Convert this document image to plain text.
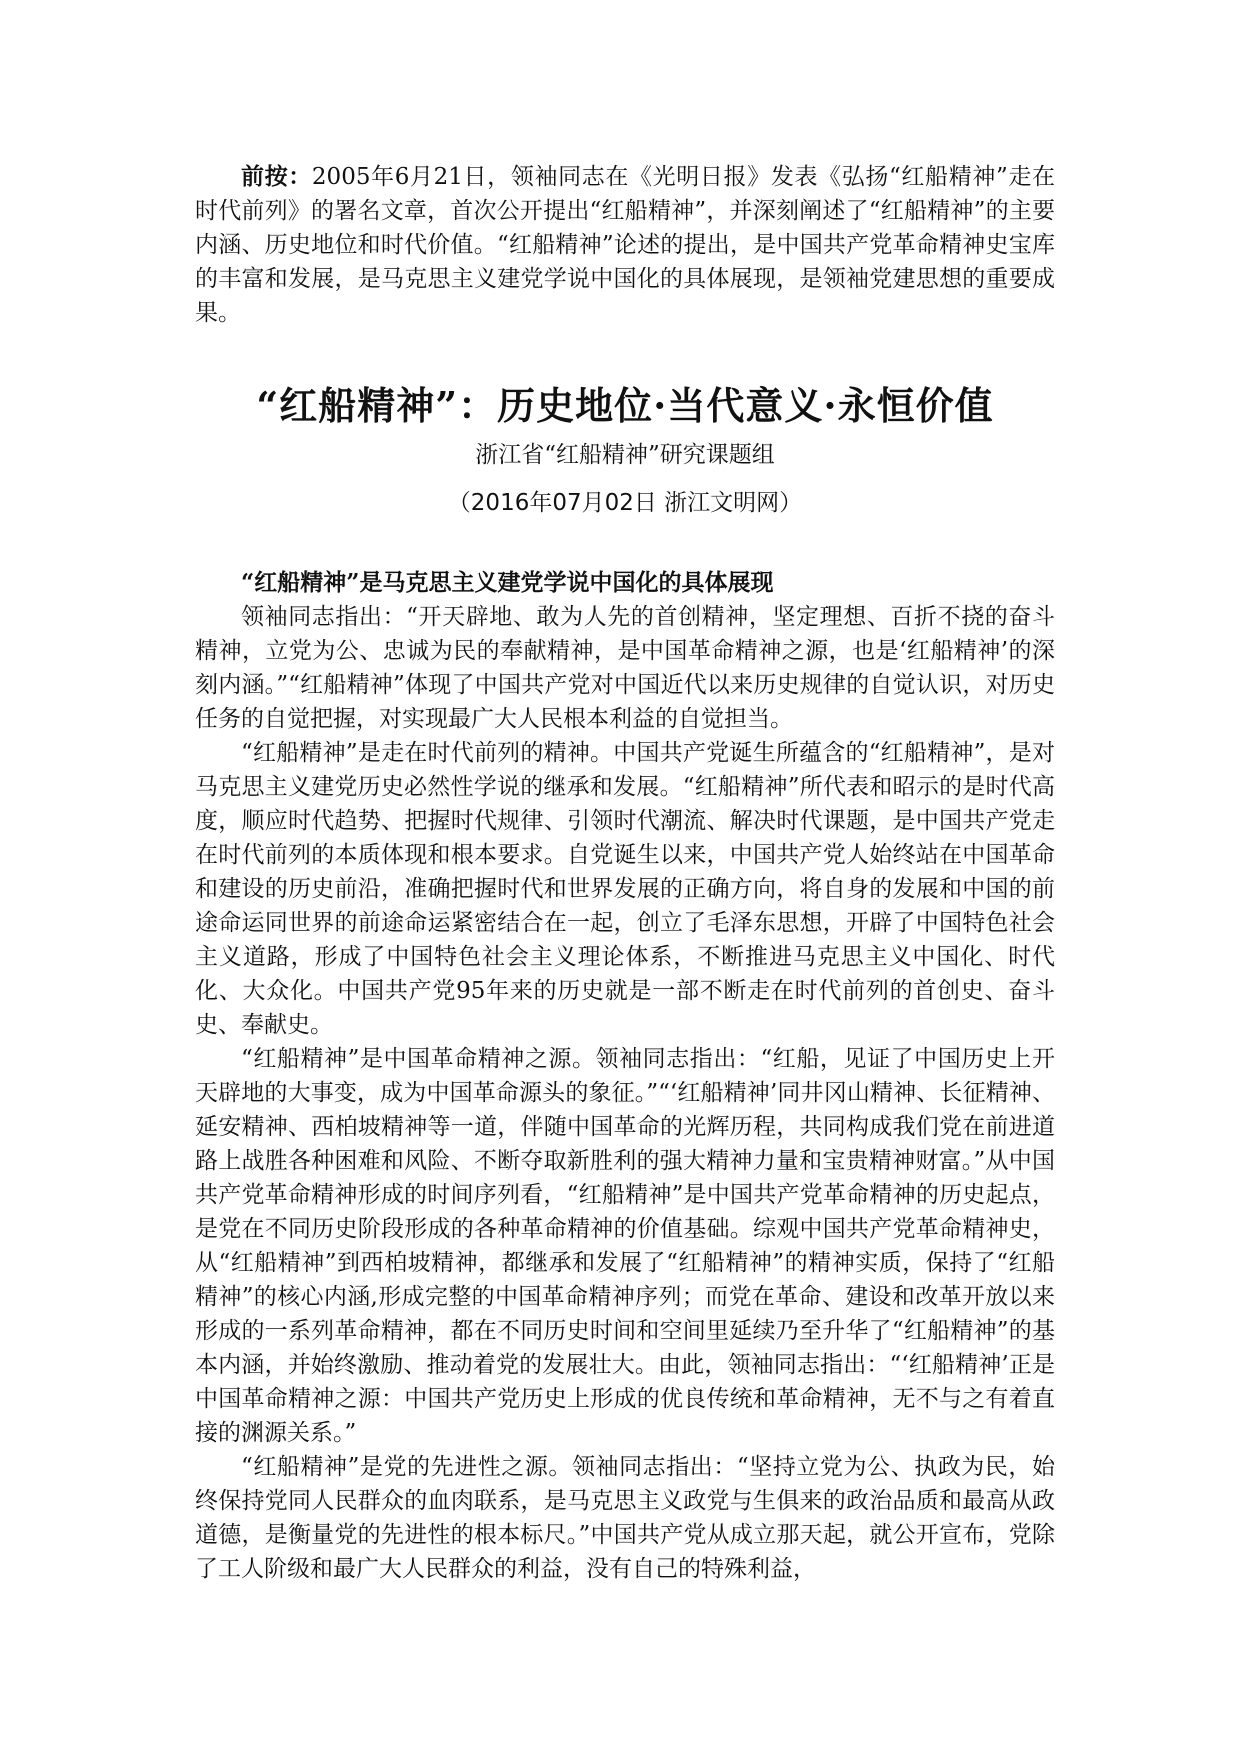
前按：2005年6月21日，领袖同志在《光明日报》发表《弘扬“红船精神”走在时代前列》的署名文章，首次公开提出“红船精神”，并深刻阐述了“红船精神”的主要内涵、历史地位和时代价值。“红船精神”论述的提出，是中国共产党革命精神史宝库的丰富和发展，是马克思主义建党学说中国化的具体展现，是领袖党建思想的重要成果。

“红船精神”：历史地位·当代意义·永恒价值
浙江省“红船精神”研究课题组
（2016年07月02日 浙江文明网）
“红船精神”是马克思主义建党学说中国化的具体展现

领袖同志指出：“开天辟地、敢为人先的首创精神，坚定理想、百折不挠的奋斗精神，立党为公、忠诚为民的奉献精神，是中国革命精神之源，也是‘红船精神’的深刻内涵。”“红船精神”体现了中国共产党对中国近代以来历史规律的自觉认识，对历史任务的自觉把握，对实现最广大人民根本利益的自觉担当。

“红船精神”是走在时代前列的精神。中国共产党诞生所蕴含的“红船精神”，是对马克思主义建党历史必然性学说的继承和发展。“红船精神”所代表和昭示的是时代高度，顺应时代趋势、把握时代规律、引领时代潮流、解决时代课题，是中国共产党走在时代前列的本质体现和根本要求。自党诞生以来，中国共产党人始终站在中国革命和建设的历史前沿，准确把握时代和世界发展的正确方向，将自身的发展和中国的前途命运同世界的前途命运紧密结合在一起，创立了毛泽东思想，开辟了中国特色社会主义道路，形成了中国特色社会主义理论体系，不断推进马克思主义中国化、时代化、大众化。中国共产党95年来的历史就是一部不断走在时代前列的首创史、奋斗史、奉献史。

“红船精神”是中国革命精神之源。领袖同志指出：“红船，见证了中国历史上开天辟地的大事变，成为中国革命源头的象征。”“‘红船精神’同井冈山精神、长征精神、延安精神、西柏坡精神等一道，伴随中国革命的光辉历程，共同构成我们党在前进道路上战胜各种困难和风险、不断夺取新胜利的强大精神力量和宝贵精神财富。”从中国共产党革命精神形成的时间序列看，“红船精神”是中国共产党革命精神的历史起点，是党在不同历史阶段形成的各种革命精神的价值基础。综观中国共产党革命精神史，从“红船精神”到西柏坡精神，都继承和发展了“红船精神”的精神实质，保持了“红船精神”的核心内涵,形成完整的中国革命精神序列；而党在革命、建设和改革开放以来形成的一系列革命精神，都在不同历史时间和空间里延续乃至升华了“红船精神”的基本内涵，并始终激励、推动着党的发展壮大。由此，领袖同志指出：“‘红船精神’正是中国革命精神之源：中国共产党历史上形成的优良传统和革命精神，无不与之有着直接的渊源关系。”

“红船精神”是党的先进性之源。领袖同志指出：“坚持立党为公、执政为民，始终保持党同人民群众的血肉联系，是马克思主义政党与生俱来的政治品质和最高从政道德，是衡量党的先进性的根本标尺。”中国共产党从成立那天起，就公开宣布，党除了工人阶级和最广大人民群众的利益，没有自己的特殊利益，
